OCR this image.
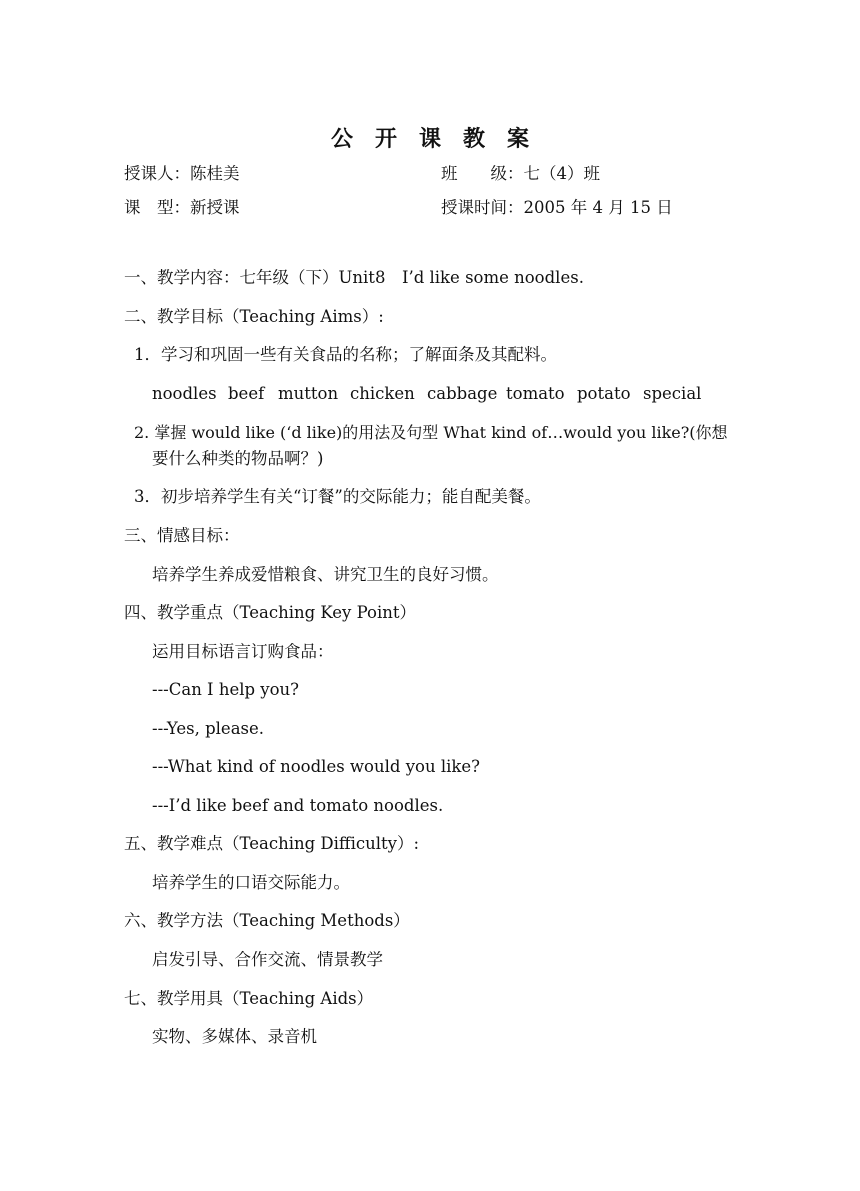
公 开 课 教 案
授课人：陈桂美	班　　级：七（4）班
课　型：新授课	授课时间：2005 年 4 月 15 日
一、教学内容：七年级（下）Unit8　I’d like some noodles.
二、教学目标（Teaching Aims）:
1．学习和巩固一些有关食品的名称；了解面条及其配料。
noodles beef mutton chicken cabbage tomato potato special
2. 掌握 would like (‘d like)的用法及句型 What kind of…would you like?(你想
要什么种类的物品啊？)
3．初步培养学生有关“订餐”的交际能力；能自配美餐。
三、情感目标：
培养学生养成爱惜粮食、讲究卫生的良好习惯。
四、教学重点（Teaching Key Point）
运用目标语言订购食品：
---Can I help you?
---Yes, please.
---What kind of noodles would you like?
---I’d like beef and tomato noodles.
五、教学难点（Teaching Difficulty）:
培养学生的口语交际能力。
六、教学方法（Teaching Methods）
启发引导、合作交流、情景教学
七、教学用具（Teaching Aids）
实物、多媒体、录音机
